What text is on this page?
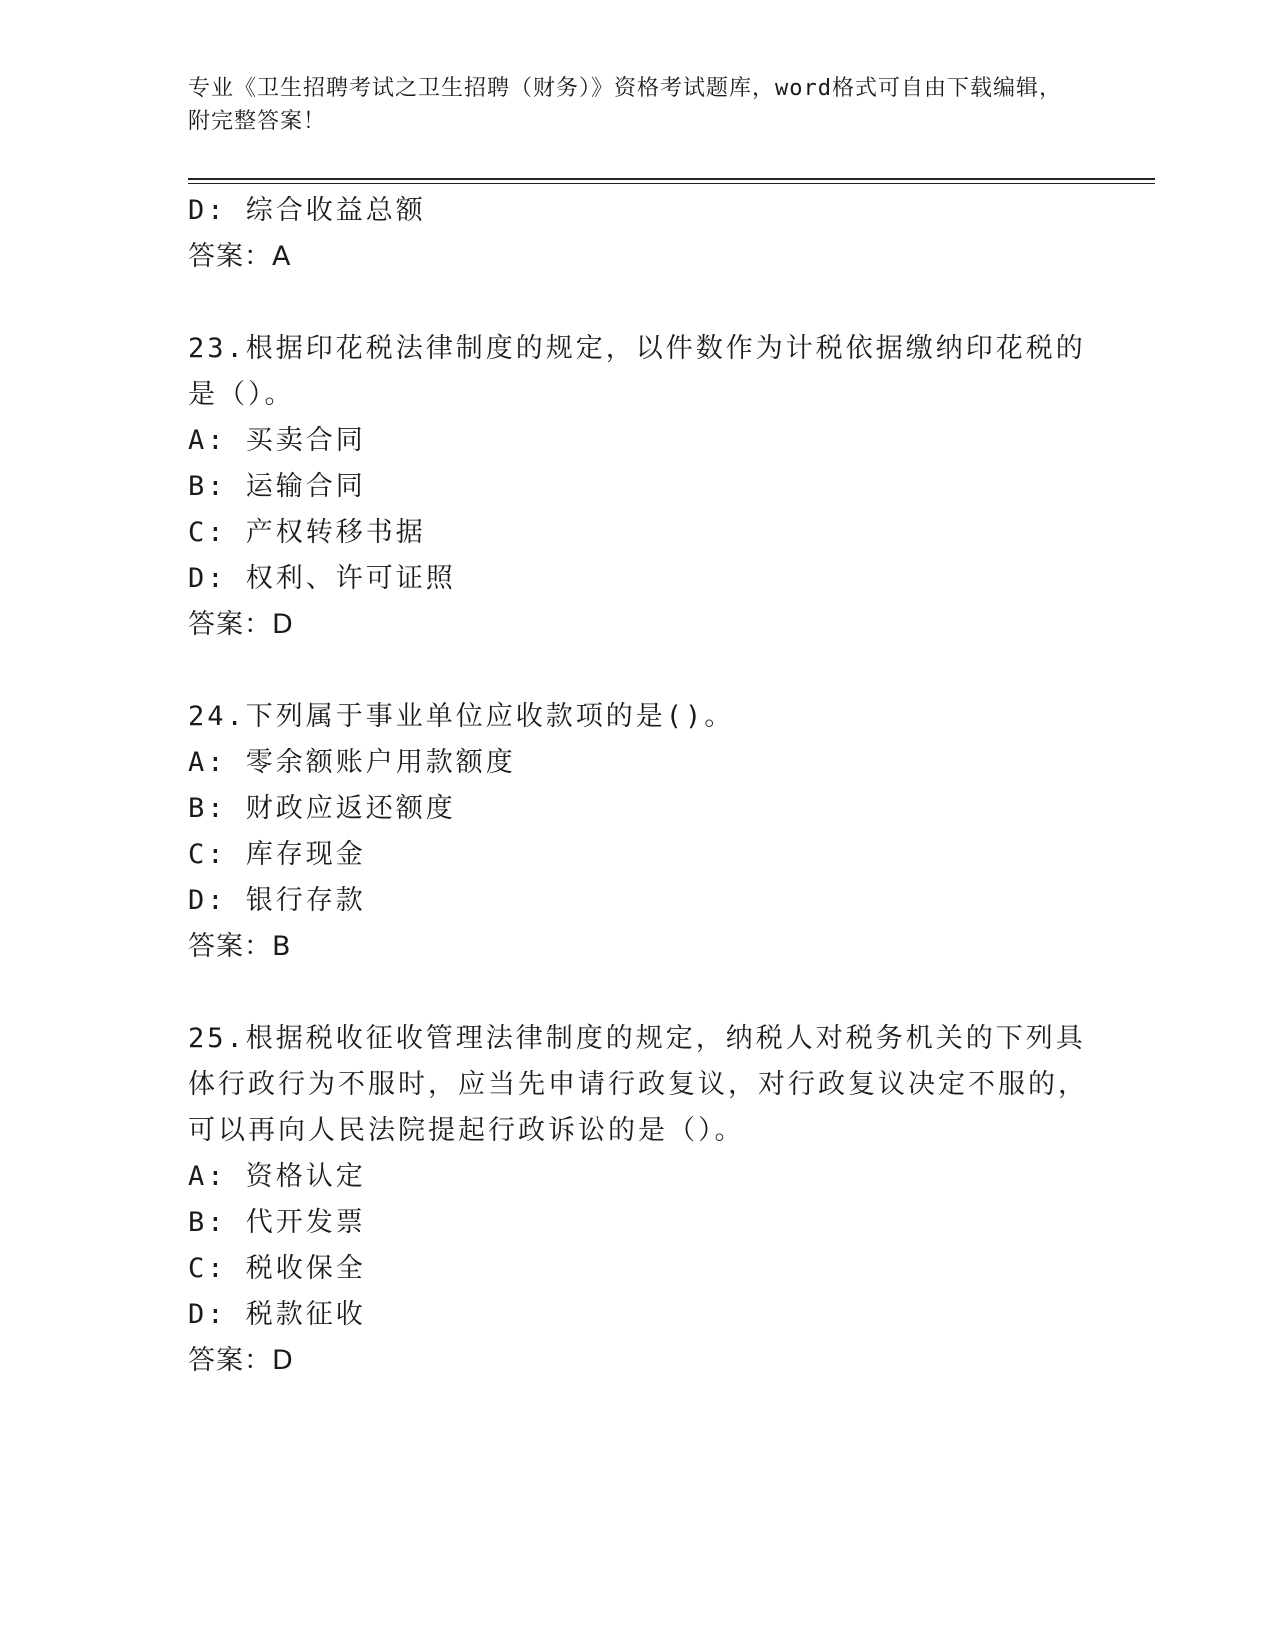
专业《卫生招聘考试之卫生招聘（财务）》资格考试题库，word格式可自由下载编辑，附完整答案！
D: 综合收益总额
答案：A
23.根据印花税法律制度的规定，以件数作为计税依据缴纳印花税的是（）。
A: 买卖合同
B: 运输合同
C: 产权转移书据
D: 权利、许可证照
答案：D
24.下列属于事业单位应收款项的是()。
A: 零余额账户用款额度
B: 财政应返还额度
C: 库存现金
D: 银行存款
答案：B
25.根据税收征收管理法律制度的规定，纳税人对税务机关的下列具体行政行为不服时，应当先申请行政复议，对行政复议决定不服的，可以再向人民法院提起行政诉讼的是（）。
A: 资格认定
B: 代开发票
C: 税收保全
D: 税款征收
答案：D
